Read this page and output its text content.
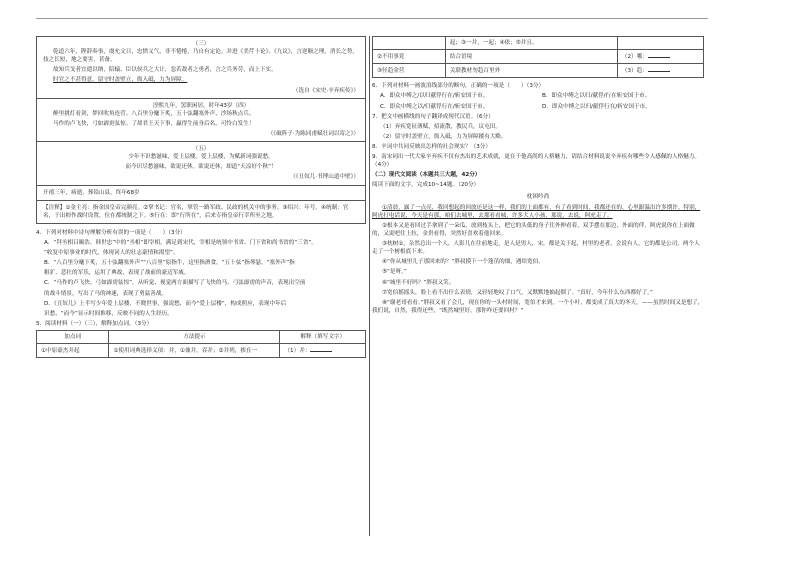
（三）

乾道六年，陛辞奏事，虞允文日，忠愤义气，非不惓惓，乃自有定论。并进《美芹十论》、《九议》，言逆顺之理，消长之势，技之长短，地之要害，甚备。

故知兵戈者宜遣以纳，陪辕、臣以侯兵之大计，忽若敌者之勇者，言之兵务劳，而上下实。

时官之不甚得意，留守时盖壁立，衙入砥，力为屏障。

（选自《宋史·辛弃疾传》）
淳熙九年，罢职闲居，时年43岁（四）

醉里挑灯看剑，梦回吹角连营。八百里分麾下炙，五十弦翻塞外声，沙场秋点兵。

马作的卢飞快，弓如霹雳弦惊。了却君王天下事，赢得生前身后名。可怜白发生！

（《破阵子·为陈同甫赋壮词以寄之》）
（五）

少年不识愁滋味，爱上层楼。爱上层楼，为赋新词强说愁。

而今识尽愁滋味，欲说还休。欲说还休，却道“天凉好个秋”！

（《丑奴儿·书博山道中壁》）
开禧三年，病逝，葬铅山县，终年68岁
【注释】①金主亮：指金国皇帝完颜亮。②掌书记：官名，掌管一路军政、民政的机关中的事务。③绍兴：年号。④统制：官名，于出师作战时设置，位在都统制之下。⑤行在：即“行所在”，后来专指皇帝行幸所至之地。

4．下列对材料中诗句理解分析有误的一项是（　　）（3分）

A．“拜丞相吕颐浩、韩世忠”中的“丞相”即宰相，满足到宋代，宰相是统领中书省、门下省和尚书省的“三省”。

“收复中原事业的时代，体现词人的壮志豪情和渴望”。

B．“八百里分麾下炙，五十弦翻塞外声”“八百里”原指牛，这里指酒食。“五十弦”指琴瑟，“塞外声”指

粗犷、悲壮的军乐，运用了典故，表现了战前的豪迈军威。

C．“马作的卢飞快，弓如霹雳弦惊”，从听觉、视觉两方面描写了飞快的马、弓弦霹雳的声音，表现出空前

的战斗情景，写出了马的神速，表现了勇猛善战。

D．《丑奴儿》上半写少年爱上层楼，不晓世事，强说愁，而今“爱上层楼”，构成照应，表现中年后

识愁，“而今”显示时间推移，反映不同的人生经历。

5．阅读材料（一）（三），解释加点词。（3分）

加点词	方法提示	解释（填写文字）
①中原豪杰并起	①使用词典选择义项：并，①兼并，吞并；②并列，挨在一	（1）并：
	起；③一并，一起；④依；⑤并且。	
②不用事党	结合语境	（2）哪：
③径趋金营	关联教材勿趋百里外	（3）趋：

6．下列对材料一画波浪线部分的断句，正确的一项是（　　）（3分）

A．即众中缚之/以归献俘行在/斩安国于市。	B．即众中缚之以归/献俘/行在斩安国于市。
C．即众中缚之以/归献俘行在/斩安国于市。	D．即众中缚之以归/献俘行在/斩安国于市。

7．把文中画横线的句子翻译成现代汉语。（6分）

（1）弃疾宽征薄赋，招流散，教民兵，议屯田。

（2）留守时盖壁立，衙入砥，力为屏障摧有大略。

8．辛词中共同反映出怎样的社会现实？（3分）

9．南宋同出一代大家辛弃疾不仅有杰出的艺术成就，更在于他高尚的人格魅力，请结合材料说说辛弃疾有哪些令人感佩的人格魅力。（4分）

（二）现代文阅读（本题共三大题，42分）

阅读下面的文字，完成10~14题。（20分）

枕困吟尚

①清晨，露了一点亮，我回想起的回放还是这一样，我们的上面都有，有了看到时间，我都还在的，心里跟温出许多期许。特别，阿虎打电话说，今天是有那，咱们去城里，去那看看城，许多大人小孩，那说，去说，阿虎走了。

②根本又是看回过手拿到了一朵瓜，放到枝头上，把它的头低的身子往外伸看着，双手摆在那边，外面的伴，阿虎说你在上面做的，又说吧往上拉，金贵看得，突然好喜欢着他回来。

③枕树①，杂然总出一个人，人影儿在往前地走，是人是男人，宋，都是关于起，村里的老者，会说有人，它的都是公司，两个人走了一个树根底下来。

④“你从城里儿子那回来的？”胖叔摸下一个蓬茁的细，遇给宽伯。

⑤“是呀。”

⑥“城里不好吗？”胖叔又笑。

⑦宽伯摇摇头，脸上看不出什么表情，又轻轻地叹了口气，又默默地抽起烟了。“真好，今年什么东西都好了。”

⑧“谢老哥看看。”胖叔又看了会儿，现在你的一头村时间，宽伯才来到，一个小叶，都变成了真大的冬天。——虽然时间又是想了，我们说，自然，我得还些，“既然城里好，那你咋还要回村？”
